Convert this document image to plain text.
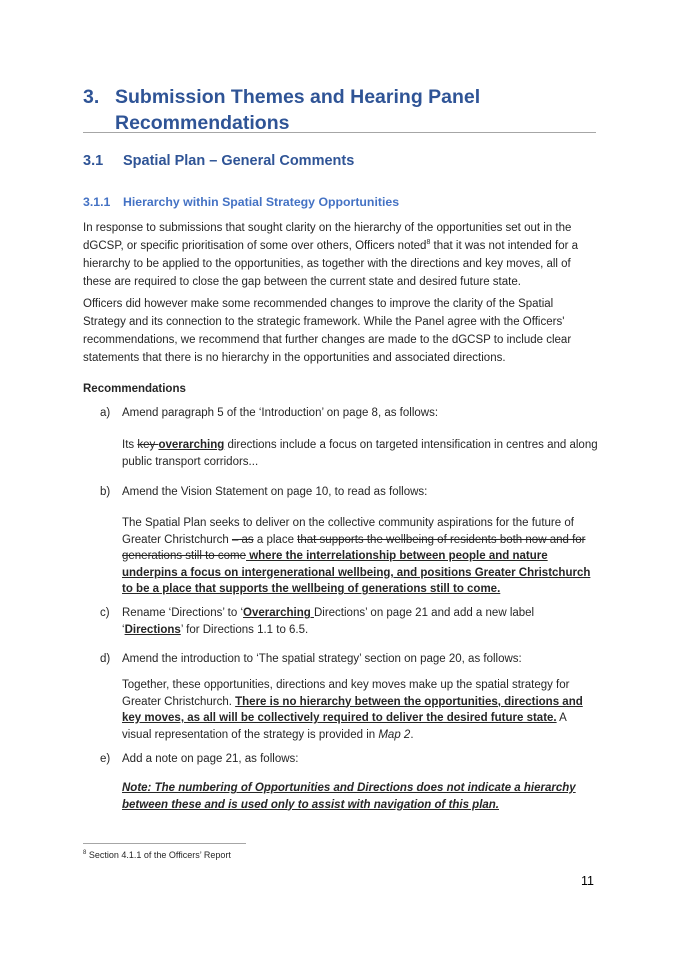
3. Submission Themes and Hearing Panel Recommendations
3.1 Spatial Plan – General Comments
3.1.1 Hierarchy within Spatial Strategy Opportunities
In response to submissions that sought clarity on the hierarchy of the opportunities set out in the dGCSP, or specific prioritisation of some over others, Officers noted$^8$ that it was not intended for a hierarchy to be applied to the opportunities, as together with the directions and key moves, all of these are required to close the gap between the current state and desired future state.
Officers did however make some recommended changes to improve the clarity of the Spatial Strategy and its connection to the strategic framework. While the Panel agree with the Officers' recommendations, we recommend that further changes are made to the dGCSP to include clear statements that there is no hierarchy in the opportunities and associated directions.
Recommendations
a)	Amend paragraph 5 of the ‘Introduction’ on page 8, as follows:
Its key overarching directions include a focus on targeted intensification in centres and along public transport corridors...
b)	Amend the Vision Statement on page 10, to read as follows:
The Spatial Plan seeks to deliver on the collective community aspirations for the future of Greater Christchurch – as a place that supports the wellbeing of residents both now and for generations still to come where the interrelationship between people and nature underpins a focus on intergenerational wellbeing, and positions Greater Christchurch to be a place that supports the wellbeing of generations still to come.
c)	Rename ‘Directions’ to ‘Overarching Directions’ on page 21 and add a new label ‘Directions’ for Directions 1.1 to 6.5.
d)	Amend the introduction to ‘The spatial strategy’ section on page 20, as follows:
Together, these opportunities, directions and key moves make up the spatial strategy for Greater Christchurch. There is no hierarchy between the opportunities, directions and key moves, as all will be collectively required to deliver the desired future state. A visual representation of the strategy is provided in Map 2.
e)	Add a note on page 21, as follows:
Note: The numbering of Opportunities and Directions does not indicate a hierarchy between these and is used only to assist with navigation of this plan.
$^8$ Section 4.1.1 of the Officers’ Report
11
